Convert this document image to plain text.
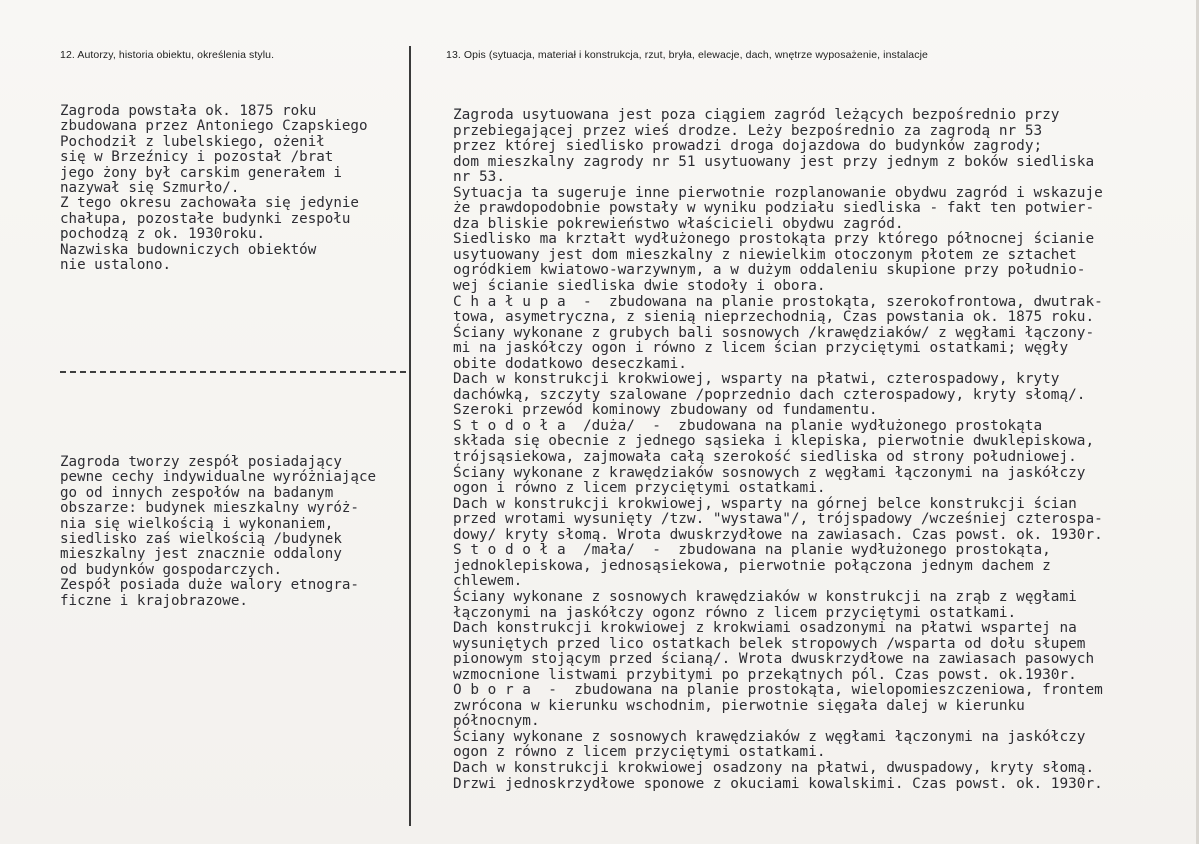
12. Autorzy, historia obiektu, określenia stylu.	13. Opis (sytuacja, materiał i konstrukcja, rzut, bryła, elewacje, dach, wnętrze wyposażenie, instalacje
Zagroda powstała ok. 1875 roku
zbudowana przez Antoniego Czapskiego
Pochodził z lubelskiego, ożenił
się w Brzeźnicy i pozostał /brat
jego żony był carskim generałem i
nazywał się Szmurło/.
Z tego okresu zachowała się jedynie
chałupa, pozostałe budynki zespołu
pochodzą z ok. 1930roku.
Nazwiska budowniczych obiektów
nie ustalono.
Zagroda tworzy zespół posiadający
pewne cechy indywidualne wyróżniające
go od innych zespołów na badanym
obszarze: budynek mieszkalny wyróż-
nia się wielkością i wykonaniem,
siedlisko zaś wielkością /budynek
mieszkalny jest znacznie oddalony
od budynków gospodarczych.
Zespół posiada duże walory etnogra-
ficzne i krajobrazowe.
Zagroda usytuowana jest poza ciągiem zagród leżących bezpośrednio przy
przebiegającej przez wieś drodze. Leży bezpośrednio za zagrodą nr 53
przez której siedlisko prowadzi droga dojazdowa do budynków zagrody;
dom mieszkalny zagrody nr 51 usytuowany jest przy jednym z boków siedliska
nr 53.
Sytuacja ta sugeruje inne pierwotnie rozplanowanie obydwu zagród i wskazuje
że prawdopodobnie powstały w wyniku podziału siedliska - fakt ten potwier-
dza bliskie pokrewieństwo właścicieli obydwu zagród.
Siedlisko ma krztałt wydłużonego prostokąta przy którego północnej ścianie
usytuowany jest dom mieszkalny z niewielkim otoczonym płotem ze sztachet
ogródkiem kwiatowo-warzywnym, a w dużym oddaleniu skupione przy południo-
wej ścianie siedliska dwie stodoły i obora.
C h a ł u p a  -  zbudowana na planie prostokąta, szerokofrontowa, dwutrak-
towa, asymetryczna, z sienią nieprzechodnią, Czas powstania ok. 1875 roku.
Ściany wykonane z grubych bali sosnowych /krawędziaków/ z węgłami łączony-
mi na jaskółczy ogon i równo z licem ścian przyciętymi ostatkami; węgły
obite dodatkowo deseczkami.
Dach w konstrukcji krokwiowej, wsparty na płatwi, czterospadowy, kryty
dachówką, szczyty szalowane /poprzednio dach czterospadowy, kryty słomą/.
Szeroki przewód kominowy zbudowany od fundamentu.
S t o d o ł a  /duża/  -  zbudowana na planie wydłużonego prostokąta
składa się obecnie z jednego sąsieka i klepiska, pierwotnie dwuklepiskowa,
trójsąsiekowa, zajmowała całą szerokość siedliska od strony południowej.
Ściany wykonane z krawędziaków sosnowych z węgłami łączonymi na jaskółczy
ogon i równo z licem przyciętymi ostatkami.
Dach w konstrukcji krokwiowej, wsparty na górnej belce konstrukcji ścian
przed wrotami wysunięty /tzw. "wystawa"/, trójspadowy /wcześniej czterospa-
dowy/ kryty słomą. Wrota dwuskrzydłowe na zawiasach. Czas powst. ok. 1930r.
S t o d o ł a  /mała/  -  zbudowana na planie wydłużonego prostokąta,
jednoklepiskowa, jednosąsiekowa, pierwotnie połączona jednym dachem z
chlewem.
Ściany wykonane z sosnowych krawędziaków w konstrukcji na zrąb z węgłami
łączonymi na jaskółczy ogonz równo z licem przyciętymi ostatkami.
Dach konstrukcji krokwiowej z krokwiami osadzonymi na płatwi wspartej na
wysuniętych przed lico ostatkach belek stropowych /wsparta od dołu słupem
pionowym stojącym przed ścianą/. Wrota dwuskrzydłowe na zawiasach pasowych
wzmocnione listwami przybitymi po przekątnych pól. Czas powst. ok.1930r.
O b o r a  -  zbudowana na planie prostokąta, wielopomieszczeniowa, frontem
zwrócona w kierunku wschodnim, pierwotnie sięgała dalej w kierunku
północnym.
Ściany wykonane z sosnowych krawędziaków z węgłami łączonymi na jaskółczy
ogon z równo z licem przyciętymi ostatkami.
Dach w konstrukcji krokwiowej osadzony na płatwi, dwuspadowy, kryty słomą.
Drzwi jednoskrzydłowe sponowe z okuciami kowalskimi. Czas powst. ok. 1930r.
